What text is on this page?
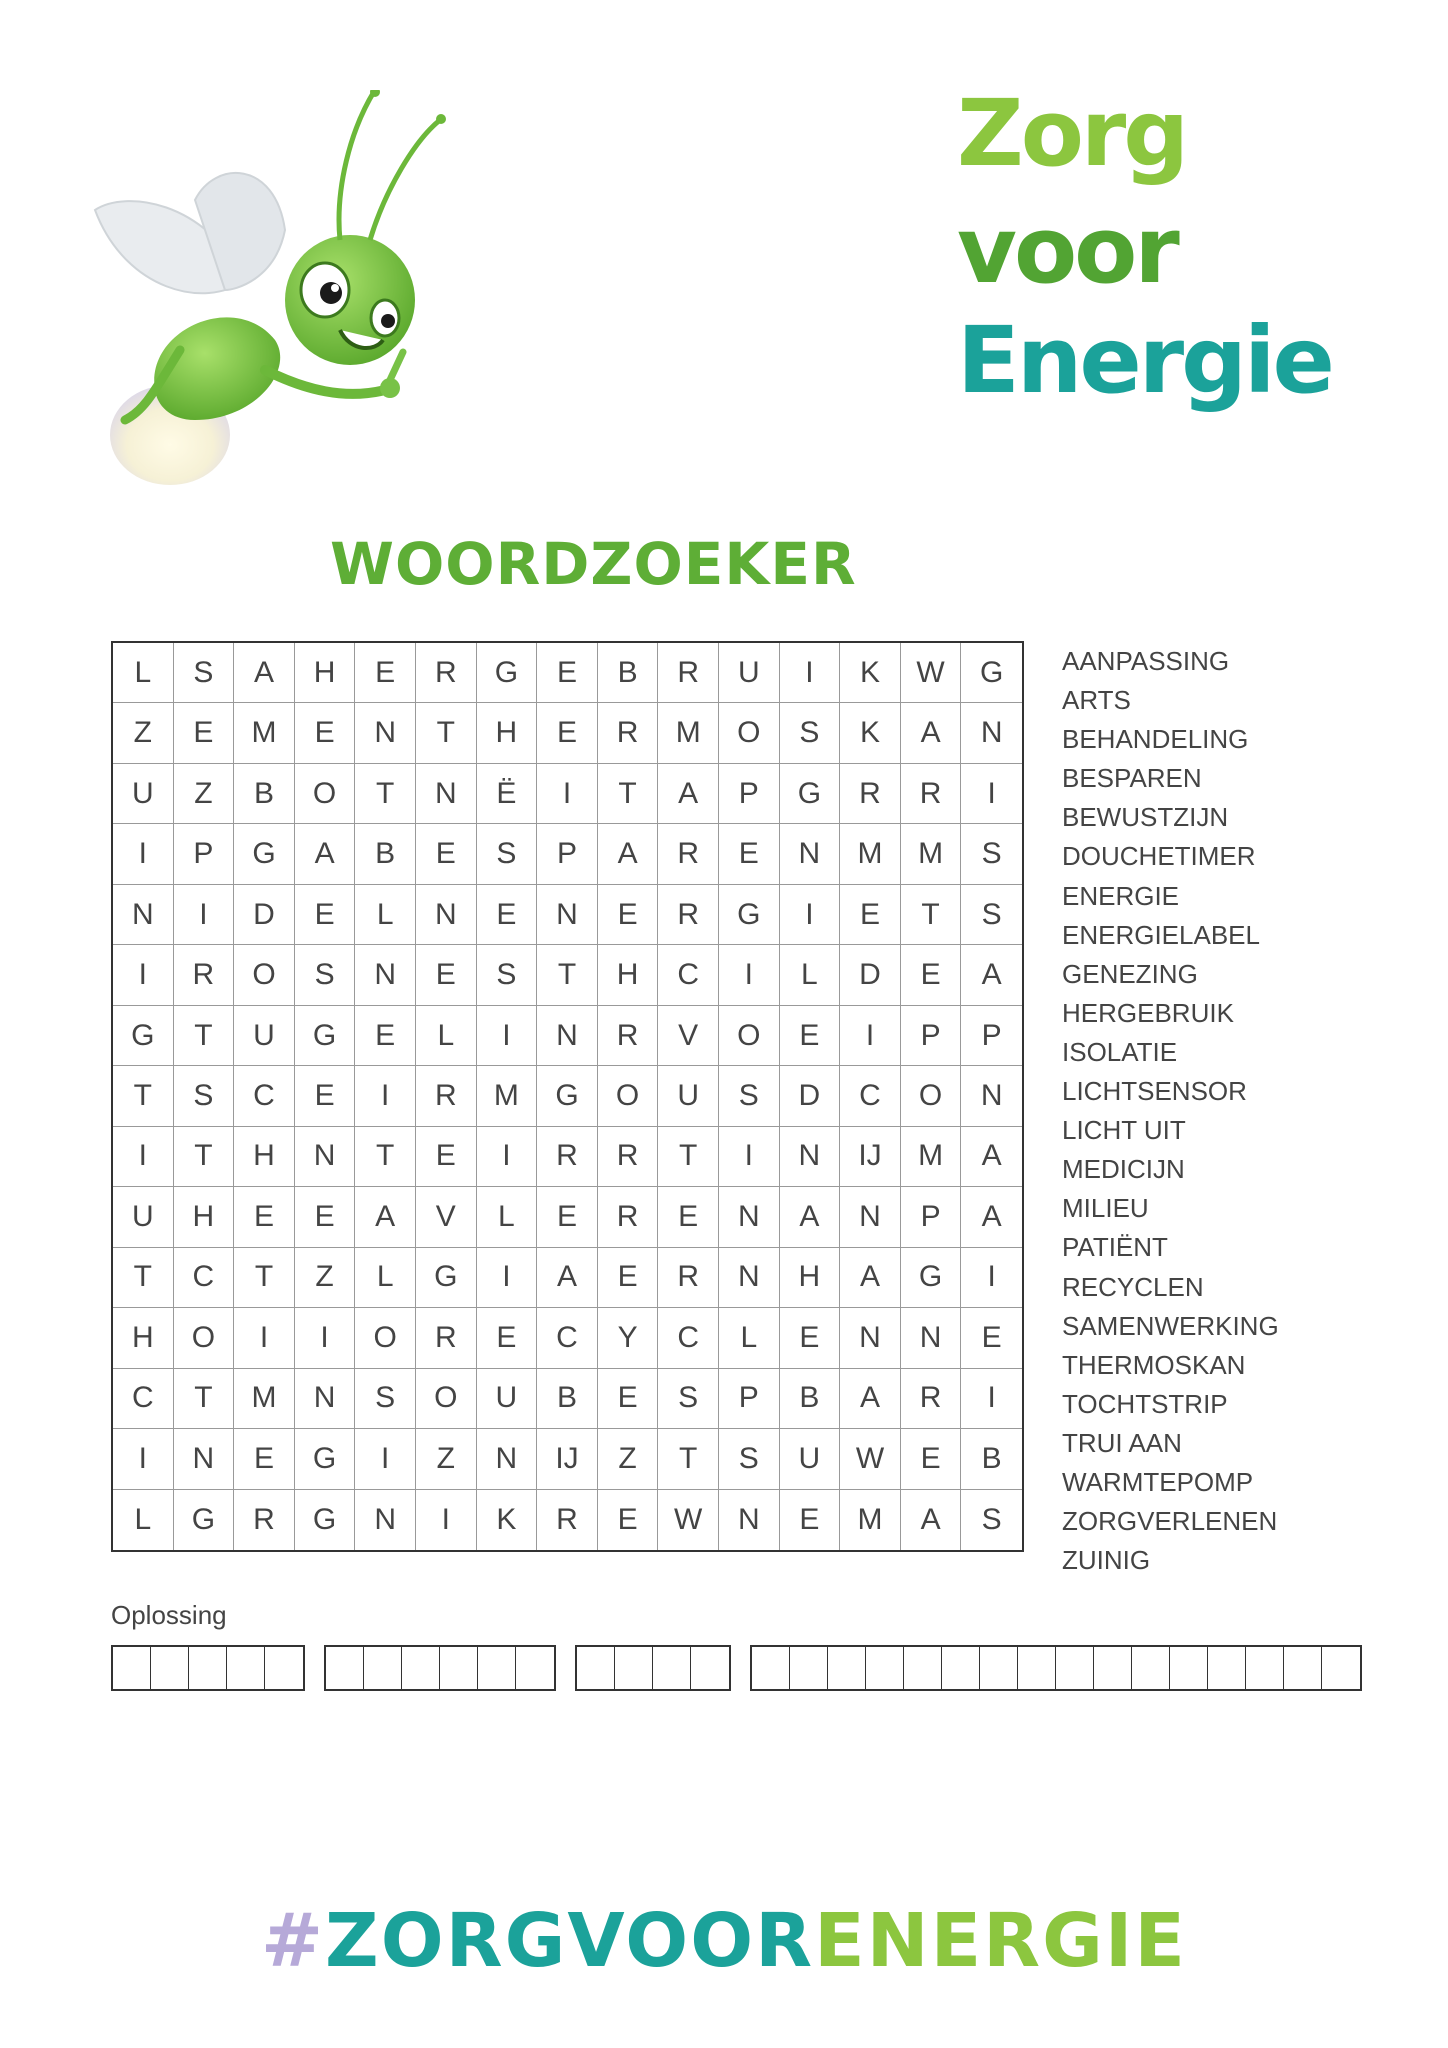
Zorg
voor
Energie
WOORDZOEKER
L	S	A	H	E	R	G	E	B	R	U	I	K	W	G
Z	E	M	E	N	T	H	E	R	M	O	S	K	A	N
U	Z	B	O	T	N	Ë	I	T	A	P	G	R	R	I
I	P	G	A	B	E	S	P	A	R	E	N	M	M	S
N	I	D	E	L	N	E	N	E	R	G	I	E	T	S
I	R	O	S	N	E	S	T	H	C	I	L	D	E	A
G	T	U	G	E	L	I	N	R	V	O	E	I	P	P
T	S	C	E	I	R	M	G	O	U	S	D	C	O	N
I	T	H	N	T	E	I	R	R	T	I	N	IJ	M	A
U	H	E	E	A	V	L	E	R	E	N	A	N	P	A
T	C	T	Z	L	G	I	A	E	R	N	H	A	G	I
H	O	I	I	O	R	E	C	Y	C	L	E	N	N	E
C	T	M	N	S	O	U	B	E	S	P	B	A	R	I
I	N	E	G	I	Z	N	IJ	Z	T	S	U	W	E	B
L	G	R	G	N	I	K	R	E	W	N	E	M	A	S
AANPASSING
ARTS
BEHANDELING
BESPAREN
BEWUSTZIJN
DOUCHETIMER
ENERGIE
ENERGIELABEL
GENEZING
HERGEBRUIK
ISOLATIE
LICHTSENSOR
LICHT UIT
MEDICIJN
MILIEU
PATIËNT
RECYCLEN
SAMENWERKING
THERMOSKAN
TOCHTSTRIP
TRUI AAN
WARMTEPOMP
ZORGVERLENEN
ZUINIG
Oplossing

#ZORGVOORENERGIE
